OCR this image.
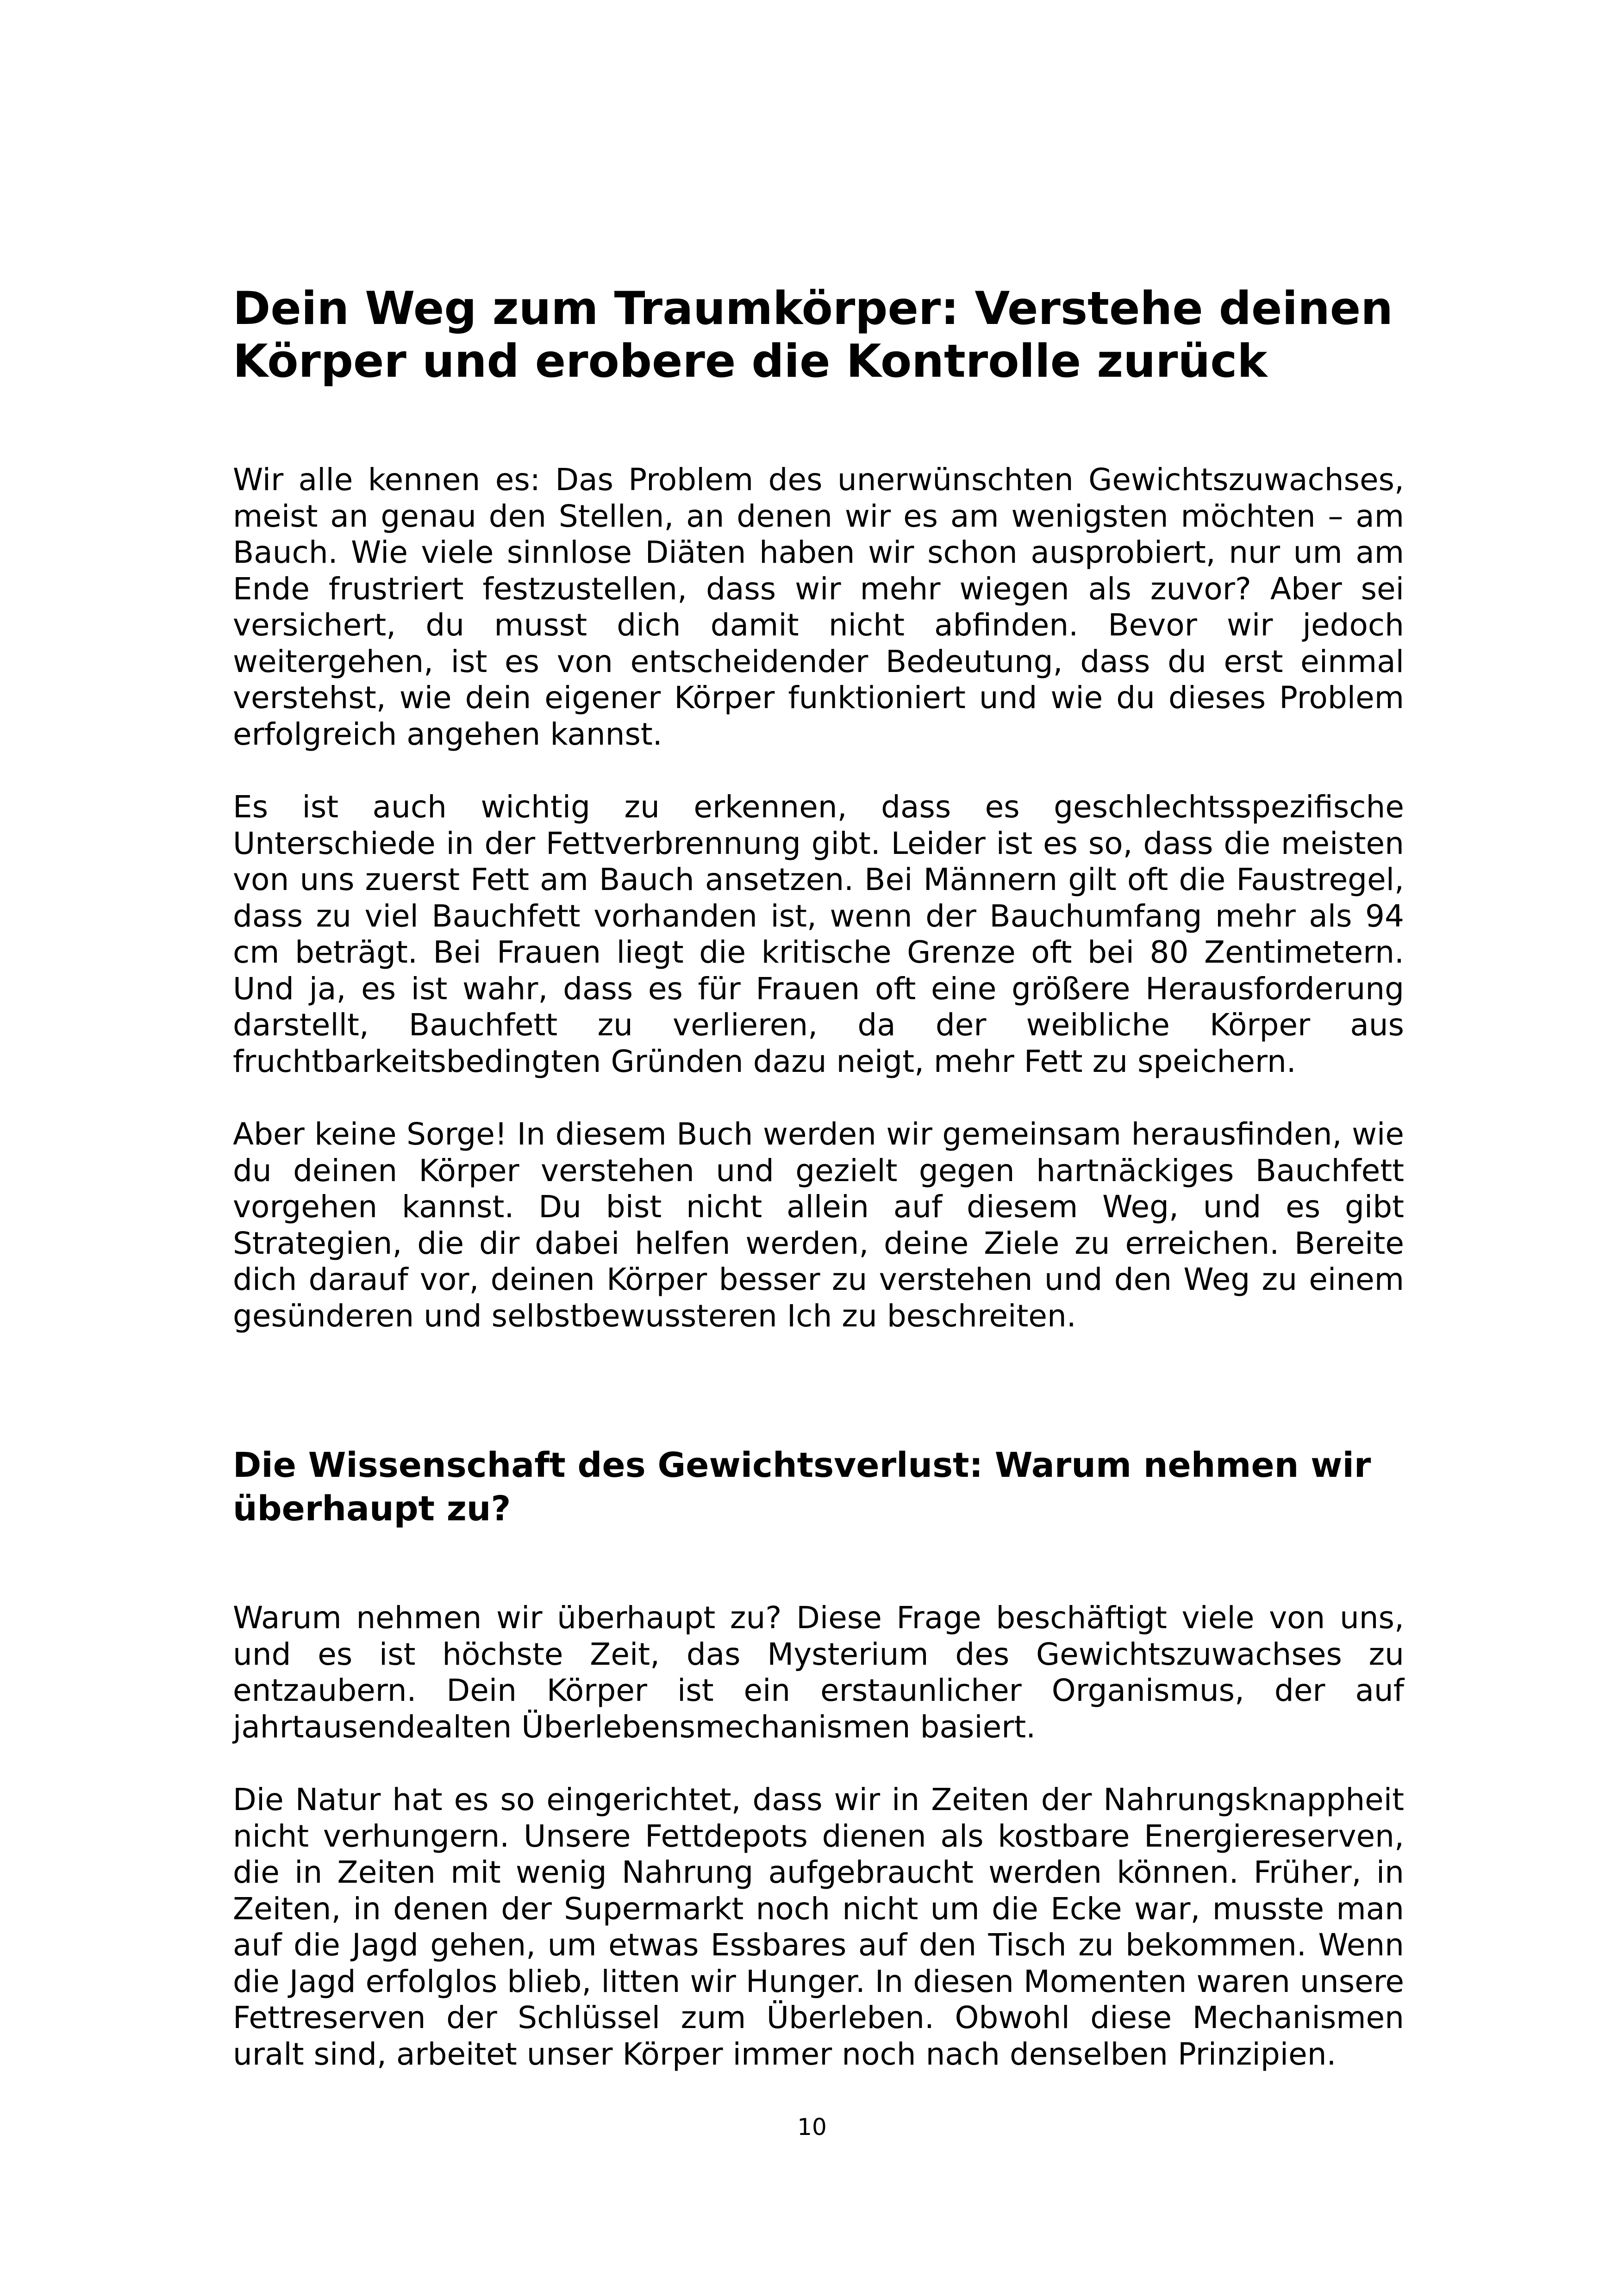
Dein Weg zum Traumkörper: Verstehe deinen Körper und erobere die Kontrolle zurück

Wir alle kennen es: Das Problem des unerwünschten Gewichtszuwachses, meist an genau den Stellen, an denen wir es am wenigsten möchten – am Bauch. Wie viele sinnlose Diäten haben wir schon ausprobiert, nur um am Ende frustriert festzustellen, dass wir mehr wiegen als zuvor? Aber sei versichert, du musst dich damit nicht abfinden. Bevor wir jedoch weitergehen, ist es von entscheidender Bedeutung, dass du erst einmal verstehst, wie dein eigener Körper funktioniert und wie du dieses Problem erfolgreich angehen kannst.

Es ist auch wichtig zu erkennen, dass es geschlechtsspezifische Unterschiede in der Fettverbrennung gibt. Leider ist es so, dass die meisten von uns zuerst Fett am Bauch ansetzen. Bei Männern gilt oft die Faustregel, dass zu viel Bauchfett vorhanden ist, wenn der Bauchumfang mehr als 94 cm beträgt. Bei Frauen liegt die kritische Grenze oft bei 80 Zentimetern. Und ja, es ist wahr, dass es für Frauen oft eine größere Herausforderung darstellt, Bauchfett zu verlieren, da der weibliche Körper aus fruchtbarkeitsbedingten Gründen dazu neigt, mehr Fett zu speichern.

Aber keine Sorge! In diesem Buch werden wir gemeinsam herausfinden, wie du deinen Körper verstehen und gezielt gegen hartnäckiges Bauchfett vorgehen kannst. Du bist nicht allein auf diesem Weg, und es gibt Strategien, die dir dabei helfen werden, deine Ziele zu erreichen. Bereite dich darauf vor, deinen Körper besser zu verstehen und den Weg zu einem gesünderen und selbstbewussteren Ich zu beschreiten.

Die Wissenschaft des Gewichtsverlust: Warum nehmen wir überhaupt zu?

Warum nehmen wir überhaupt zu? Diese Frage beschäftigt viele von uns, und es ist höchste Zeit, das Mysterium des Gewichtszuwachses zu entzaubern. Dein Körper ist ein erstaunlicher Organismus, der auf jahrtausendealten Überlebensmechanismen basiert.

Die Natur hat es so eingerichtet, dass wir in Zeiten der Nahrungsknappheit nicht verhungern. Unsere Fettdepots dienen als kostbare Energiereserven, die in Zeiten mit wenig Nahrung aufgebraucht werden können. Früher, in Zeiten, in denen der Supermarkt noch nicht um die Ecke war, musste man auf die Jagd gehen, um etwas Essbares auf den Tisch zu bekommen. Wenn die Jagd erfolglos blieb, litten wir Hunger. In diesen Momenten waren unsere Fettreserven der Schlüssel zum Überleben. Obwohl diese Mechanismen uralt sind, arbeitet unser Körper immer noch nach denselben Prinzipien.

10
